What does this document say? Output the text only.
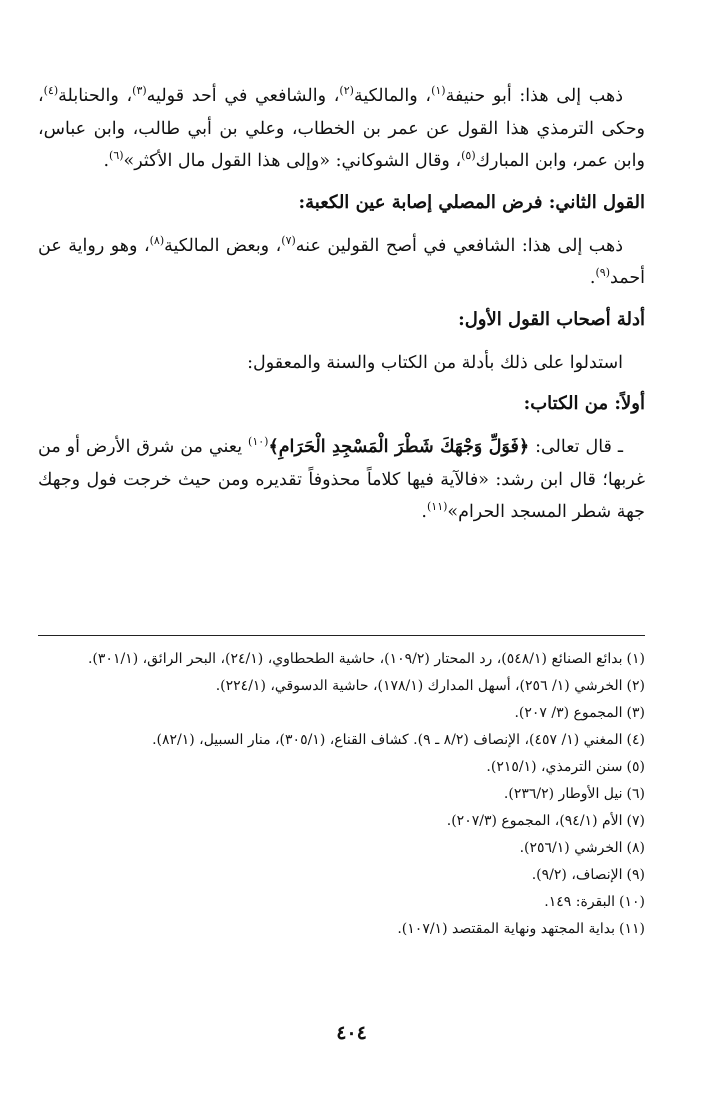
ذهب إلى هذا: أبو حنيفة$^{(١)}$، والمالكية$^{(٢)}$، والشافعي في أحد قوليه$^{(٣)}$، والحنابلة$^{(٤)}$، وحكى الترمذي هذا القول عن عمر بن الخطاب، وعلي بن أبي طالب، وابن عباس، وابن عمر، وابن المبارك$^{(٥)}$، وقال الشوكاني: «وإلى هذا القول مال الأكثر»$^{(٦)}$.

القول الثاني: فرض المصلي إصابة عين الكعبة:

ذهب إلى هذا: الشافعي في أصح القولين عنه$^{(٧)}$، وبعض المالكية$^{(٨)}$، وهو رواية عن أحمد$^{(٩)}$.

أدلة أصحاب القول الأول:

استدلوا على ذلك بأدلة من الكتاب والسنة والمعقول:

أولاً: من الكتاب:

ـ قال تعالى: ﴿فَوَلِّ وَجْهَكَ شَطْرَ الْمَسْجِدِ الْحَرَامِ﴾$^{(١٠)}$ يعني من شرق الأرض أو من غربها؛ قال ابن رشد: «فالآية فيها كلاماً محذوفاً تقديره ومن حيث خرجت فول وجهك جهة شطر المسجد الحرام»$^{(١١)}$.

(١)
بدائع الصنائع (٥٤٨/١)، رد المحتار (١٠٩/٢)، حاشية الطحطاوي، (٢٤/١)، البحر الرائق، (٣٠١/١).
(٢)
الخرشي (١/ ٢٥٦)، أسهل المدارك (١٧٨/١)، حاشية الدسوقي، (٢٢٤/١).
(٣)
المجموع (٣/ ٢٠٧).
(٤)
المغني (١/ ٤٥٧)، الإنصاف (٨/٢ ـ ٩). كشاف القناع، (٣٠٥/١)، منار السبيل، (٨٢/١).
(٥)
سنن الترمذي، (٢١٥/١).
(٦)
نيل الأوطار (٢٣٦/٢).
(٧)
الأم (٩٤/١)، المجموع (٢٠٧/٣).
(٨)
الخرشي (٢٥٦/١).
(٩)
الإنصاف، (٩/٢).
(١٠)
البقرة: ١٤٩.
(١١)
بداية المجتهد ونهاية المقتصد (١٠٧/١).
٤٠٤
